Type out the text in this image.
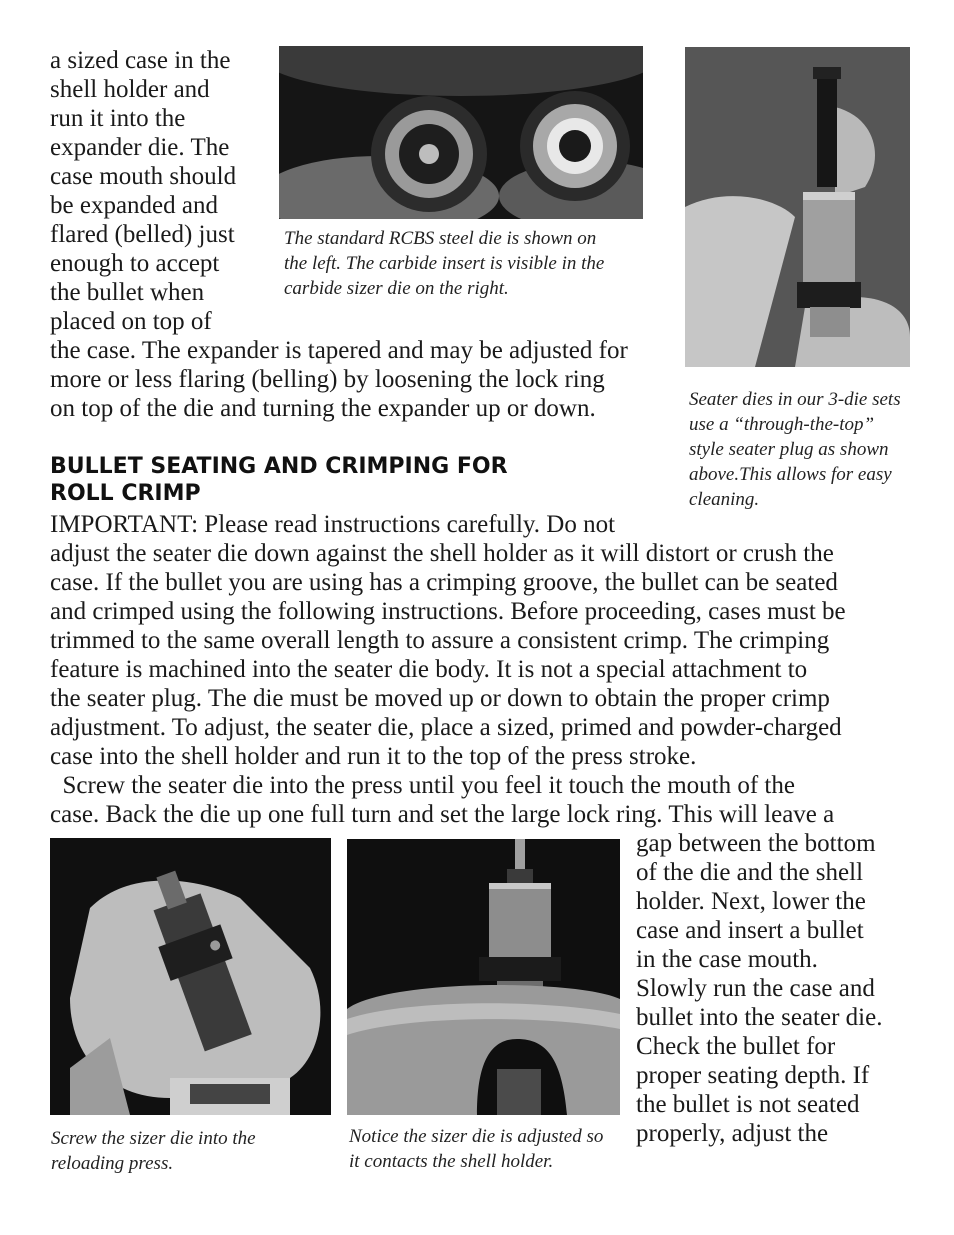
a sized case in the
shell holder and
run it into the
expander die. The
case mouth should
be expanded and
flared (belled) just
enough to accept
the bullet when
placed on top of
the case. The expander is tapered and may be adjusted for
more or less flaring (belling) by loosening the lock ring
on top of the die and turning the expander up or down.
The standard RCBS steel die is shown on
the left. The carbide insert is visible in the
carbide sizer die on the right.
Seater dies in our 3-die sets
use a “through-the-top”
style seater plug as shown
above.This allows for easy
cleaning.
BULLET SEATING AND CRIMPING FOR
ROLL CRIMP
IMPORTANT: Please read instructions carefully. Do not
adjust the seater die down against the shell holder as it will distort or crush the
case. If the bullet you are using has a crimping groove, the bullet can be seated
and crimped using the following instructions. Before proceeding, cases must be
trimmed to the same overall length to assure a consistent crimp. The crimping
feature is machined into the seater die body. It is not a special attachment to
the seater plug. The die must be moved up or down to obtain the proper crimp
adjustment. To adjust, the seater die, place a sized, primed and powder-charged
case into the shell holder and run it to the top of the press stroke.
Screw the seater die into the press until you feel it touch the mouth of the
case. Back the die up one full turn and set the large lock ring. This will leave a
Screw the sizer die into the
reloading press.
Notice the sizer die is adjusted so
it contacts the shell holder.
gap between the bottom
of the die and the shell
holder. Next, lower the
case and insert a bullet
in the case mouth.
Slowly run the case and
bullet into the seater die.
Check the bullet for
proper seating depth. If
the bullet is not seated
properly, adjust the
